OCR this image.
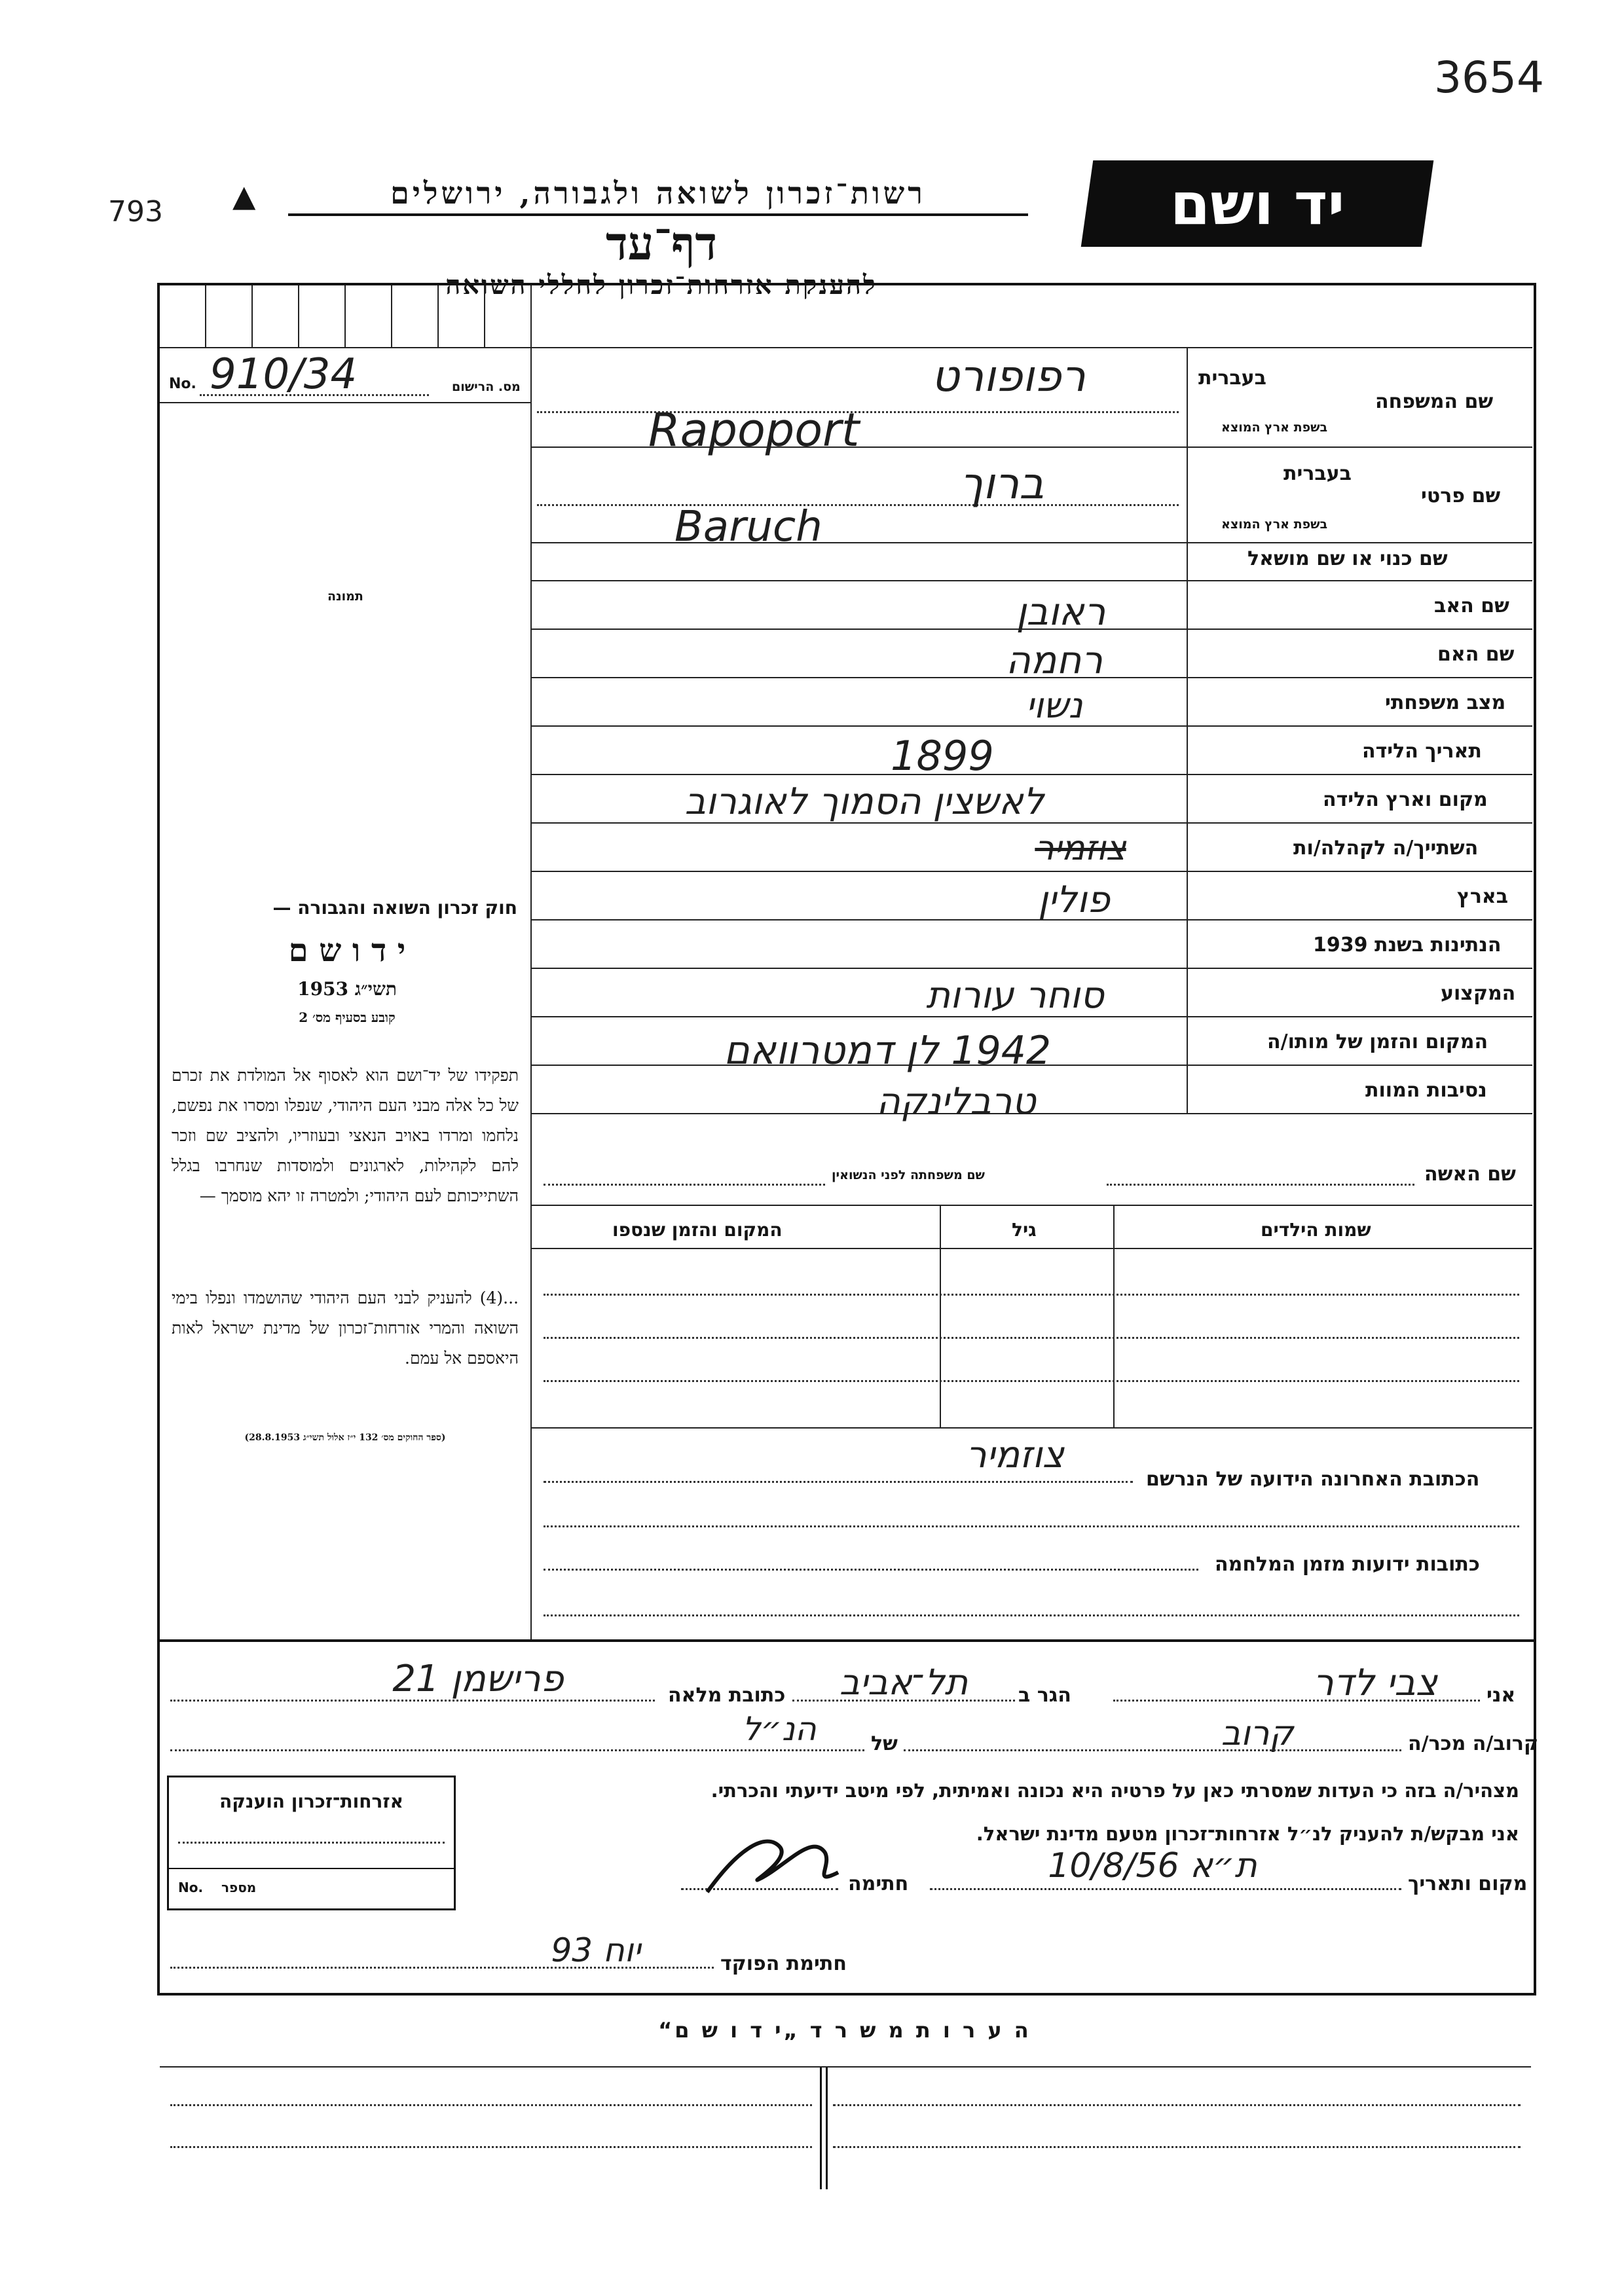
3654
793 ▲	רשות־זכרון לשואה ולגבורה, ירושלים
דף־עד
להענקת אזרחות־זכרון לחללי השואה
יד ושם
No. 910/34	מס. הרישום
תמונה
בעברית
שם המשפחה
בשפת ארץ המוצא
בעברית
שם פרטי
בשפת ארץ המוצא
שם כנוי או שם מושאל
שם האב
שם האם
מצב משפחתי
תאריך הלידה
מקום וארץ הלידה
השתייך/ה לקהלה/ות
בארץ
הנתינות בשנת 1939
המקצוע
המקום והזמן של מותו/ה
נסיבות המוות
רפופורט
Rapoport
ברוך
Baruch
ראובן
רחמה
נשוי
1899
לאשצין הסמוך לאוגרוב
צוזמיר
פולין
סוחר עורות
1942 לן דמטרוואם
טרבלינקה
שם האשה
שם משפחתה לפני הנשואין
שמות הילדים
גיל
המקום והזמן שנספו
צוזמיר
הכתובת האחרונה הידועה של הנרשם
כתובות ידועות מזמן המלחמה
חוק זכרון השואה והגבורה —
י ד ו ש ם
תשי״ג 1953
קובע בסעיף מס׳ 2
תפקידו של יד־ושם הוא לאסוף אל המולדת את זכרם של כל אלה מבני העם היהודי, שנפלו ומסרו את נפשם, נלחמו ומרדו באויב הנאצי ובעוזריו, ולהציב שם וזכר להם לקהילות, לארגונים ולמוסדות שנחרבו בגלל השתייכותם לעם היהודי; ולמטרה זו יהא מוסמך —
...(4) להעניק לבני העם היהודי שהושמדו ונפלו בימי השואה והמרי אזרחות־זכרון של מדינת ישראל לאות היאספם אל עמם.
(ספר החוקים מס׳ 132 י״ז אלול תשי״ג 28.8.1953)
אני
צבי לדר
הגר ב
תל־אביב
כתובת מלאה
פרישמן 21
קרוב/ה מכר/ה
קרוב
של
הנ״ל
מצהיר/ה בזה כי העדות שמסרתי כאן על פרטיה היא נכונה ואמיתית, לפי מיטב ידיעתי והכרתי.
אני מבקש/ת להעניק לנ״ל אזרחות־זכרון מטעם מדינת ישראל.
מקום ותאריך
ת״א 10/8/56
חתימה
אזרחות־זכרון הוענקה
No. מספר
חתימת הפוקד
יוח 93
ה ע ר ו ת מ ש ר ד „י ד ו ש ם“
